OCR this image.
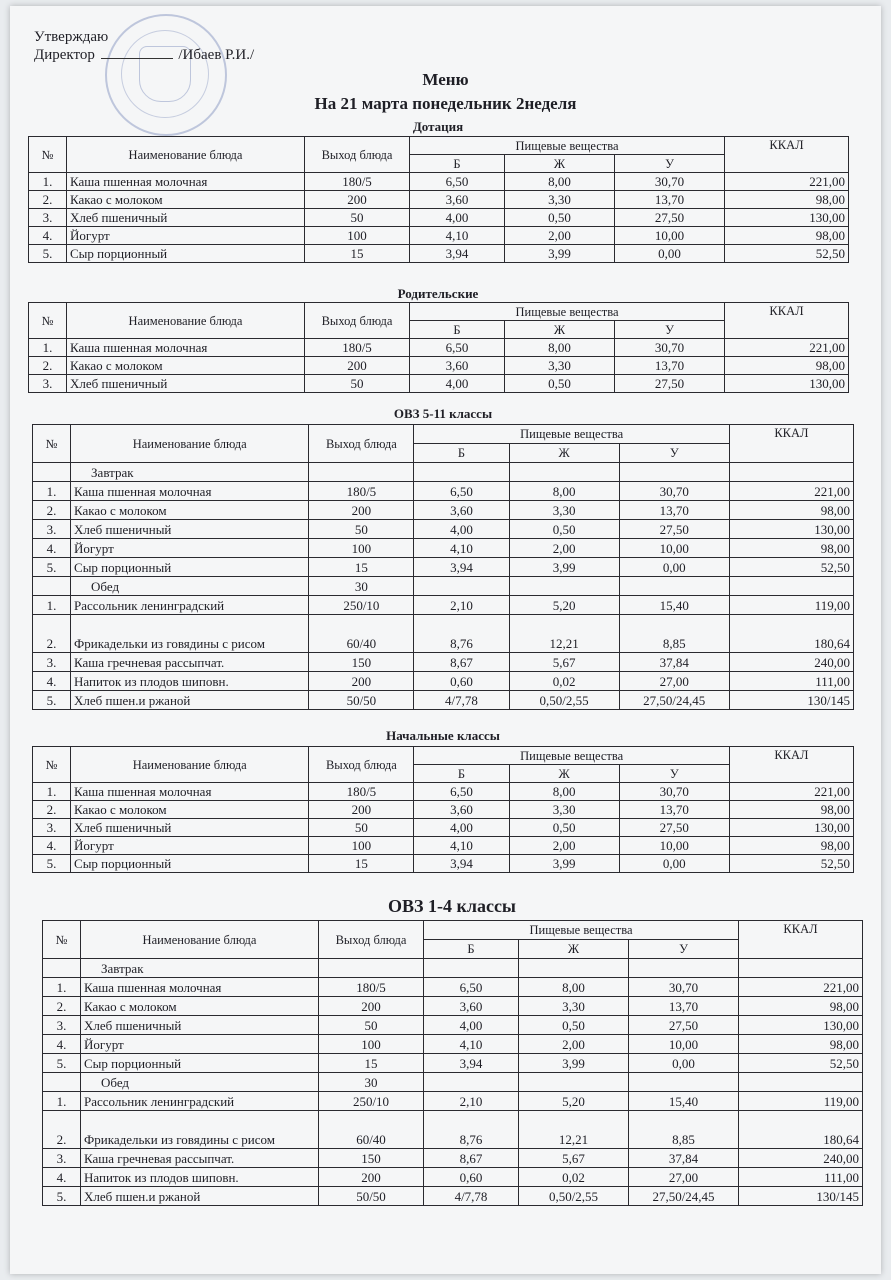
Утверждаю
Директор	/Ибаев Р.И./
Меню
На 21 марта понедельник 2неделя
Дотация
№	Наименование блюда	Выход блюда	Пищевые вещества			ККАЛ
			Б	Ж	У	
1.	Каша пшенная молочная	180/5	6,50	8,00	30,70	221,00
2.	Какао с молоком	200	3,60	3,30	13,70	98,00
3.	Хлеб пшеничный	50	4,00	0,50	27,50	130,00
4.	Йогурт	100	4,10	2,00	10,00	98,00
5.	Сыр порционный	15	3,94	3,99	0,00	52,50
Родительские
№	Наименование блюда	Выход блюда	Пищевые вещества			ККАЛ
			Б	Ж	У	
1.	Каша пшенная молочная	180/5	6,50	8,00	30,70	221,00
2.	Какао с молоком	200	3,60	3,30	13,70	98,00
3.	Хлеб пшеничный	50	4,00	0,50	27,50	130,00
ОВЗ 5-11 классы
№	Наименование блюда	Выход блюда	Пищевые вещества			ККАЛ
			Б	Ж	У	
	Завтрак					
1.	Каша пшенная молочная	180/5	6,50	8,00	30,70	221,00
2.	Какао с молоком	200	3,60	3,30	13,70	98,00
3.	Хлеб пшеничный	50	4,00	0,50	27,50	130,00
4.	Йогурт	100	4,10	2,00	10,00	98,00
5.	Сыр порционный	15	3,94	3,99	0,00	52,50
	Обед	30				
1.	Рассольник ленинградский	250/10	2,10	5,20	15,40	119,00
2.	Фрикадельки из говядины с рисом	60/40	8,76	12,21	8,85	180,64
3.	Каша гречневая рассыпчат.	150	8,67	5,67	37,84	240,00
4.	Напиток из плодов шиповн.	200	0,60	0,02	27,00	111,00
5.	Хлеб пшен.и ржаной	50/50	4/7,78	0,50/2,55	27,50/24,45	130/145
Начальные классы
№	Наименование блюда	Выход блюда	Пищевые вещества			ККАЛ
			Б	Ж	У	
1.	Каша пшенная молочная	180/5	6,50	8,00	30,70	221,00
2.	Какао с молоком	200	3,60	3,30	13,70	98,00
3.	Хлеб пшеничный	50	4,00	0,50	27,50	130,00
4.	Йогурт	100	4,10	2,00	10,00	98,00
5.	Сыр порционный	15	3,94	3,99	0,00	52,50
ОВЗ 1-4 классы
№	Наименование блюда	Выход блюда	Пищевые вещества			ККАЛ
			Б	Ж	У	
	Завтрак					
1.	Каша пшенная молочная	180/5	6,50	8,00	30,70	221,00
2.	Какао с молоком	200	3,60	3,30	13,70	98,00
3.	Хлеб пшеничный	50	4,00	0,50	27,50	130,00
4.	Йогурт	100	4,10	2,00	10,00	98,00
5.	Сыр порционный	15	3,94	3,99	0,00	52,50
	Обед	30				
1.	Рассольник ленинградский	250/10	2,10	5,20	15,40	119,00
2.	Фрикадельки из говядины с рисом	60/40	8,76	12,21	8,85	180,64
3.	Каша гречневая рассыпчат.	150	8,67	5,67	37,84	240,00
4.	Напиток из плодов шиповн.	200	0,60	0,02	27,00	111,00
5.	Хлеб пшен.и ржаной	50/50	4/7,78	0,50/2,55	27,50/24,45	130/145
